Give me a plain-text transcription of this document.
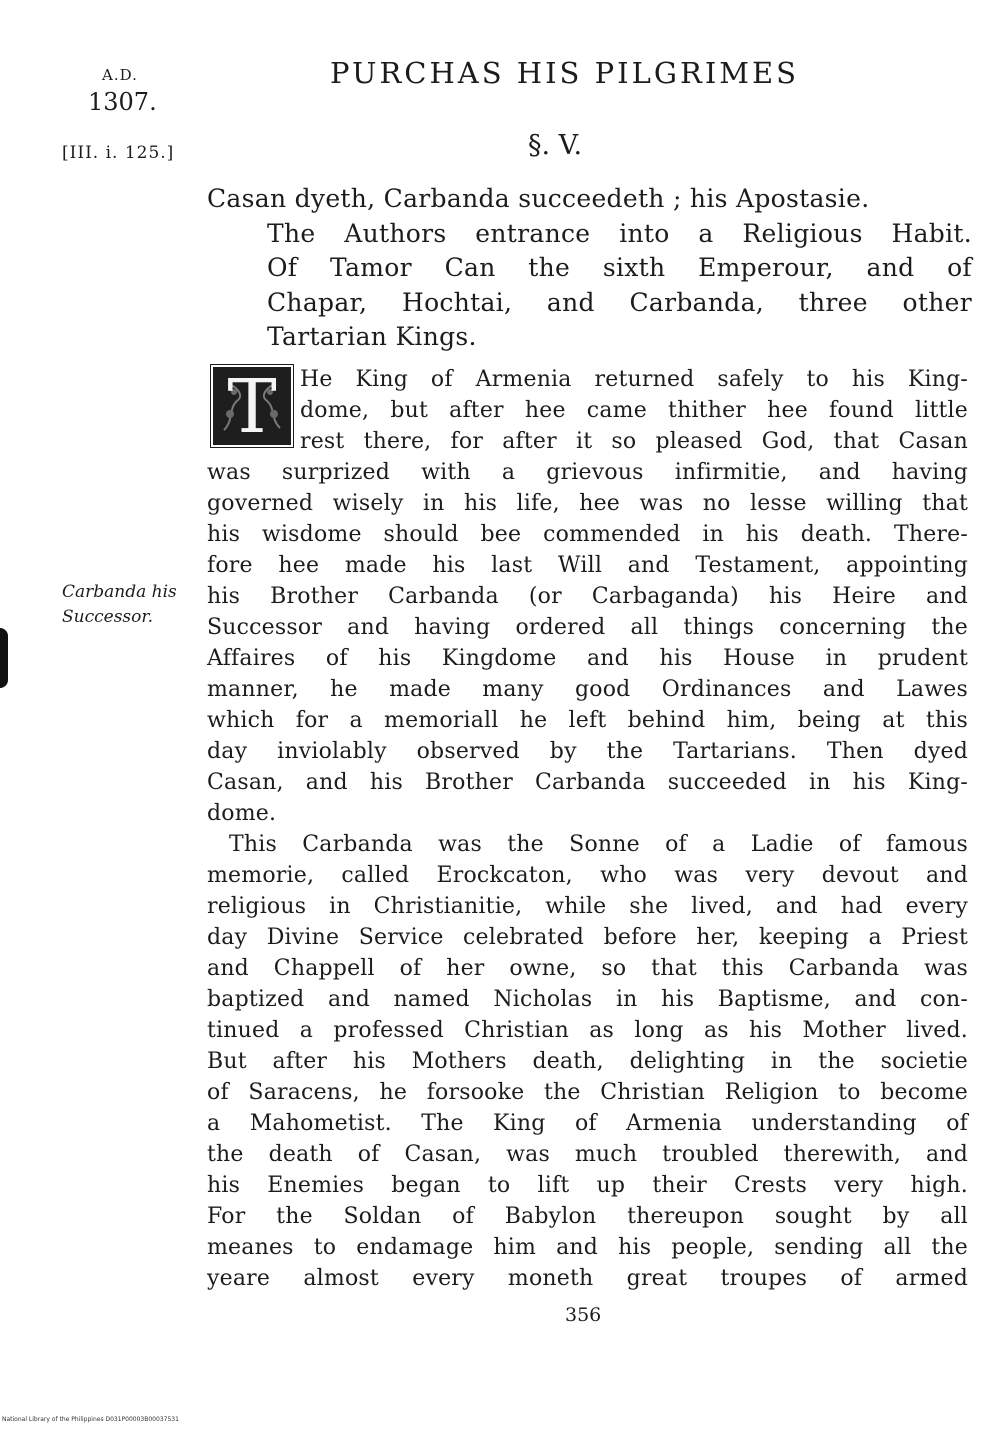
A.D.
1307.
[III. i. 125.]
PURCHAS HIS PILGRIMES
§. V.
Casan dyeth, Carbanda succeedeth ; his Apostasie.
The Authors entrance into a Religious Habit.
Of Tamor Can the sixth Emperour, and of
Chapar, Hochtai, and Carbanda, three other
Tartarian Kings.
T	He King of Armenia returned safely to his King-
dome, but after hee came thither hee found little
rest there, for after it so pleased God, that Casan
was surprized with a grievous infirmitie, and having
governed wisely in his life, hee was no lesse willing that
his wisdome should bee commended in his death. There-
fore hee made his last Will and Testament, appointing
his Brother Carbanda (or Carbaganda) his Heire and
Successor and having ordered all things concerning the
Affaires of his Kingdome and his House in prudent
manner, he made many good Ordinances and Lawes
which for a memoriall he left behind him, being at this
day inviolably observed by the Tartarians. Then dyed
Casan, and his Brother Carbanda succeeded in his King-
dome.
This Carbanda was the Sonne of a Ladie of famous
memorie, called Erockcaton, who was very devout and
religious in Christianitie, while she lived, and had every
day Divine Service celebrated before her, keeping a Priest
and Chappell of her owne, so that this Carbanda was
baptized and named Nicholas in his Baptisme, and con-
tinued a professed Christian as long as his Mother lived.
But after his Mothers death, delighting in the societie
of Saracens, he forsooke the Christian Religion to become
a Mahometist. The King of Armenia understanding of
the death of Casan, was much troubled therewith, and
his Enemies began to lift up their Crests very high.
For the Soldan of Babylon thereupon sought by all
meanes to endamage him and his people, sending all the
yeare almost every moneth great troupes of armed
Carbanda his
Successor.
356
National Library of the Philippines D031P00003B00037531
